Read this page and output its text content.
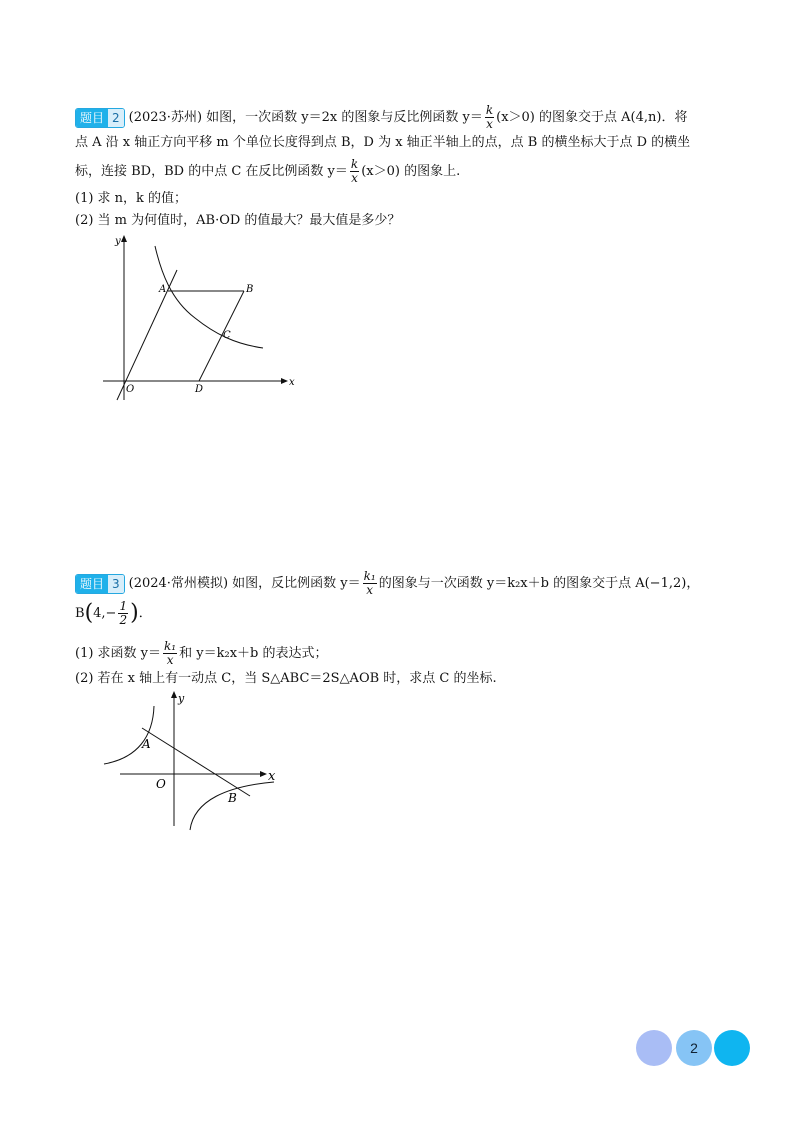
题目 2 (2023·苏州) 如图，一次函数 y＝2x 的图象与反比例函数 $y= \frac{k}{x} (x>0)$ 的图象交于点 A(4,n)．将
点 A 沿 x 轴正方向平移 m 个单位长度得到点 B，D 为 x 轴正半轴上的点，点 B 的横坐标大于点 D 的横坐
标，连接 BD，BD 的中点 C 在反比例函数 $y= \frac{k}{x} (x>0)$ 的图象上.
(1) 求 n，k 的值；
(2) 当 m 为何值时，AB·OD 的值最大？最大值是多少？
y
x
A	B
C
O	D
题目 3 (2024·常州模拟) 如图，反比例函数 $y= \frac{\text{k₁}}{x}$ 的图象与一次函数 y＝k₂x＋b 的图象交于点 A(−1,2)，
$B(4,- \frac{1}{2}$ )．
(1) 求函数 $y= \frac{\text{k₁}}{x}$ 和 y＝k₂x＋b 的表达式；
(2) 若在 x 轴上有一动点 C，当 S△ABC＝2S△AOB 时，求点 C 的坐标.
y
x
A
B
O
2
